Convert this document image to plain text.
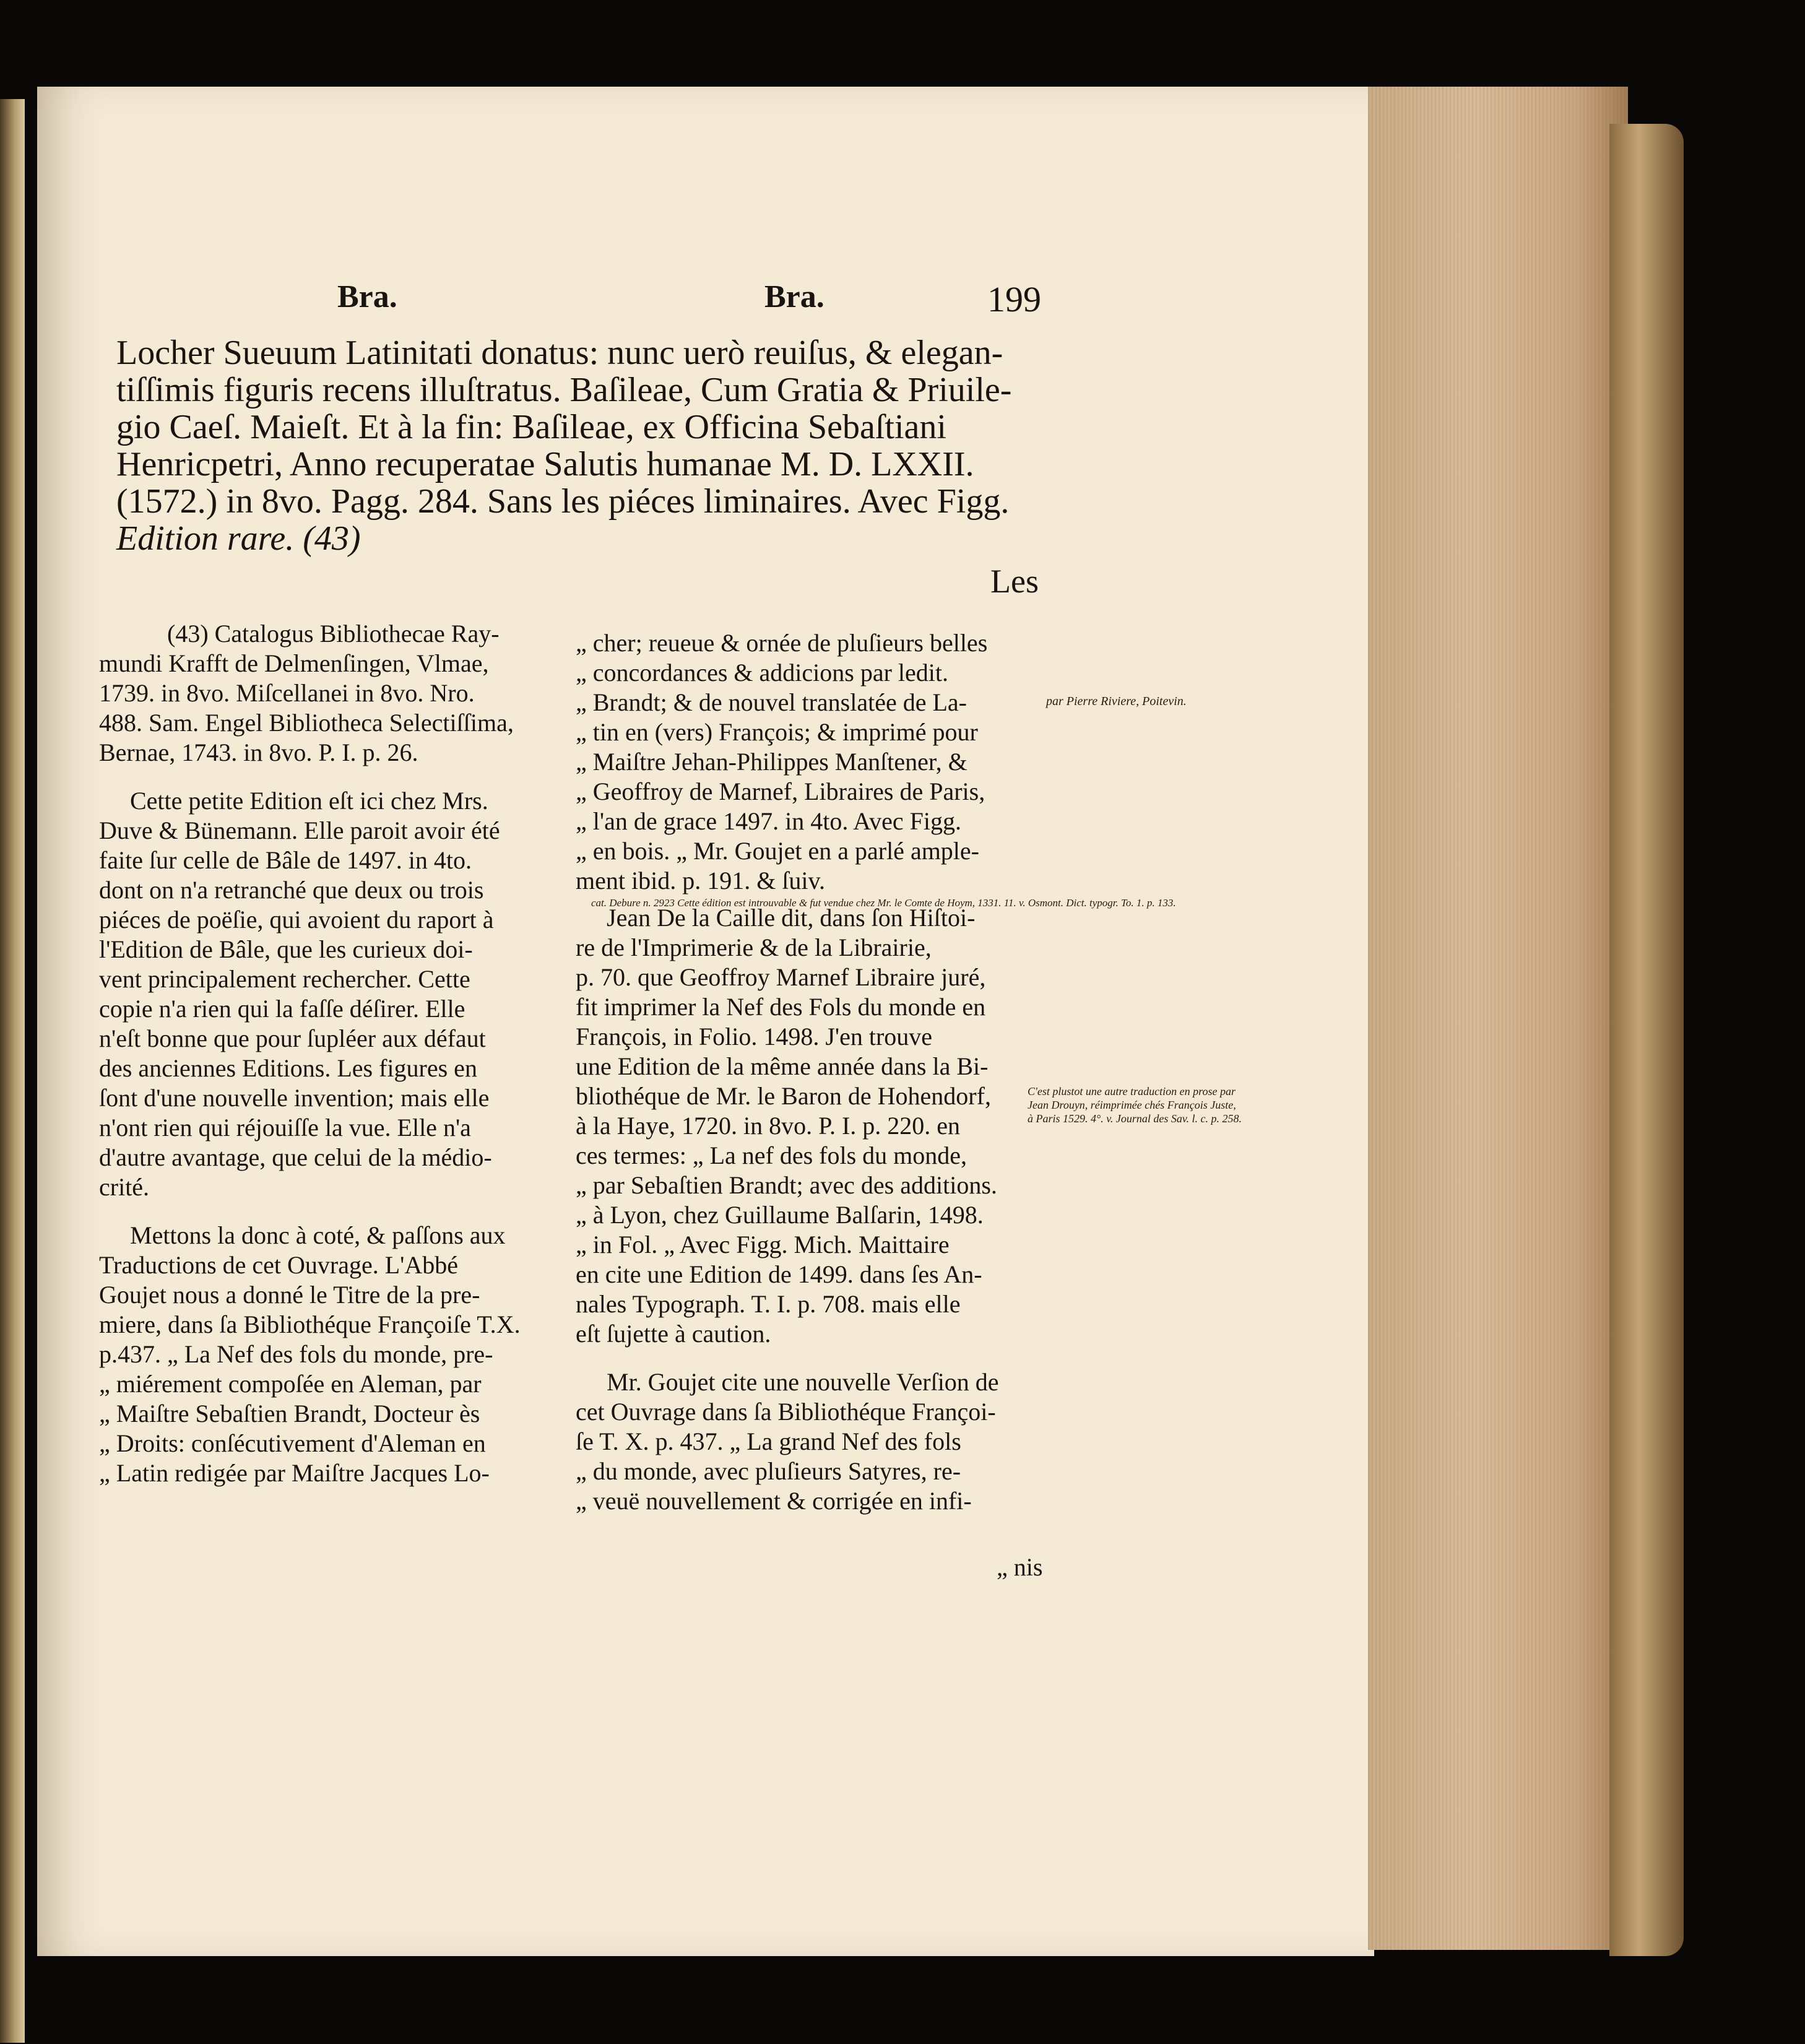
Bra.	Bra.	199
Locher Sueuum Latinitati donatus: nunc uerò reuiſus, & elegan-
tiſſimis figuris recens illuſtratus. Baſileae, Cum Gratia & Priuile-
gio Caeſ. Maieſt. Et à la fin: Baſileae, ex Officina Sebaſtiani
Henricpetri, Anno recuperatae Salutis humanae M. D. LXXII.
(1572.) in 8vo. Pagg. 284. Sans les piéces liminaires. Avec Figg.
Edition rare. (43)
Les
(43) Catalogus Bibliothecae Ray-
mundi Krafft de Delmenſingen, Vlmae,
1739. in 8vo. Miſcellanei in 8vo. Nro.
488. Sam. Engel Bibliotheca Selectiſſima,
Bernae, 1743. in 8vo. P. I. p. 26.
Cette petite Edition eſt ici chez Mrs.
Duve & Bünemann. Elle paroit avoir été
faite ſur celle de Bâle de 1497. in 4to.
dont on n'a retranché que deux ou trois
piéces de poëſie, qui avoient du raport à
l'Edition de Bâle, que les curieux doi-
vent principalement rechercher. Cette
copie n'a rien qui la faſſe déſirer. Elle
n'eſt bonne que pour ſupléer aux défaut
des anciennes Editions. Les figures en
ſont d'une nouvelle invention; mais elle
n'ont rien qui réjouiſſe la vue. Elle n'a
d'autre avantage, que celui de la médio-
crité.
Mettons la donc à coté, & paſſons aux
Traductions de cet Ouvrage. L'Abbé
Goujet nous a donné le Titre de la pre-
miere, dans ſa Bibliothéque Françoiſe T.X.
p.437. „ La Nef des fols du monde, pre-
„ miérement compoſée en Aleman, par
„ Maiſtre Sebaſtien Brandt, Docteur ès
„ Droits: conſécutivement d'Aleman en
„ Latin redigée par Maiſtre Jacques Lo-
„ cher; reueue & ornée de pluſieurs belles
„ concordances & addicions par ledit.
„ Brandt; & de nouvel translatée de La-
„ tin en (vers) François; & imprimé pour
„ Maiſtre Jehan-Philippes Manſtener, &
„ Geoffroy de Marnef, Libraires de Paris,
„ l'an de grace 1497. in 4to. Avec Figg.
„ en bois. „ Mr. Goujet en a parlé ample-
ment ibid. p. 191. & ſuiv.
Jean De la Caille dit, dans ſon Hiſtoi-
re de l'Imprimerie & de la Librairie,
p. 70. que Geoffroy Marnef Libraire juré,
fit imprimer la Nef des Fols du monde en
François, in Folio. 1498. J'en trouve
une Edition de la même année dans la Bi-
bliothéque de Mr. le Baron de Hohendorf,
à la Haye, 1720. in 8vo. P. I. p. 220. en
ces termes: „ La nef des fols du monde,
„ par Sebaſtien Brandt; avec des additions.
„ à Lyon, chez Guillaume Balſarin, 1498.
„ in Fol. „ Avec Figg. Mich. Maittaire
en cite une Edition de 1499. dans ſes An-
nales Typograph. T. I. p. 708. mais elle
eſt ſujette à caution.
Mr. Goujet cite une nouvelle Verſion de
cet Ouvrage dans ſa Bibliothéque Françoi-
ſe T. X. p. 437. „ La grand Nef des fols
„ du monde, avec pluſieurs Satyres, re-
„ veuë nouvellement & corrigée en infi-
„ nis
par Pierre Riviere, Poitevin.
cat. Debure n. 2923 Cette édition est introuvable & fut vendue chez Mr. le Comte de Hoym, 1331. 11. v. Osmont. Dict. typogr. To. 1. p. 133.
C'est plustot une autre traduction en prose par
Jean Drouyn, réimprimée chés François Juste,
à Paris 1529. 4°. v. Journal des Sav. l. c. p. 258.
